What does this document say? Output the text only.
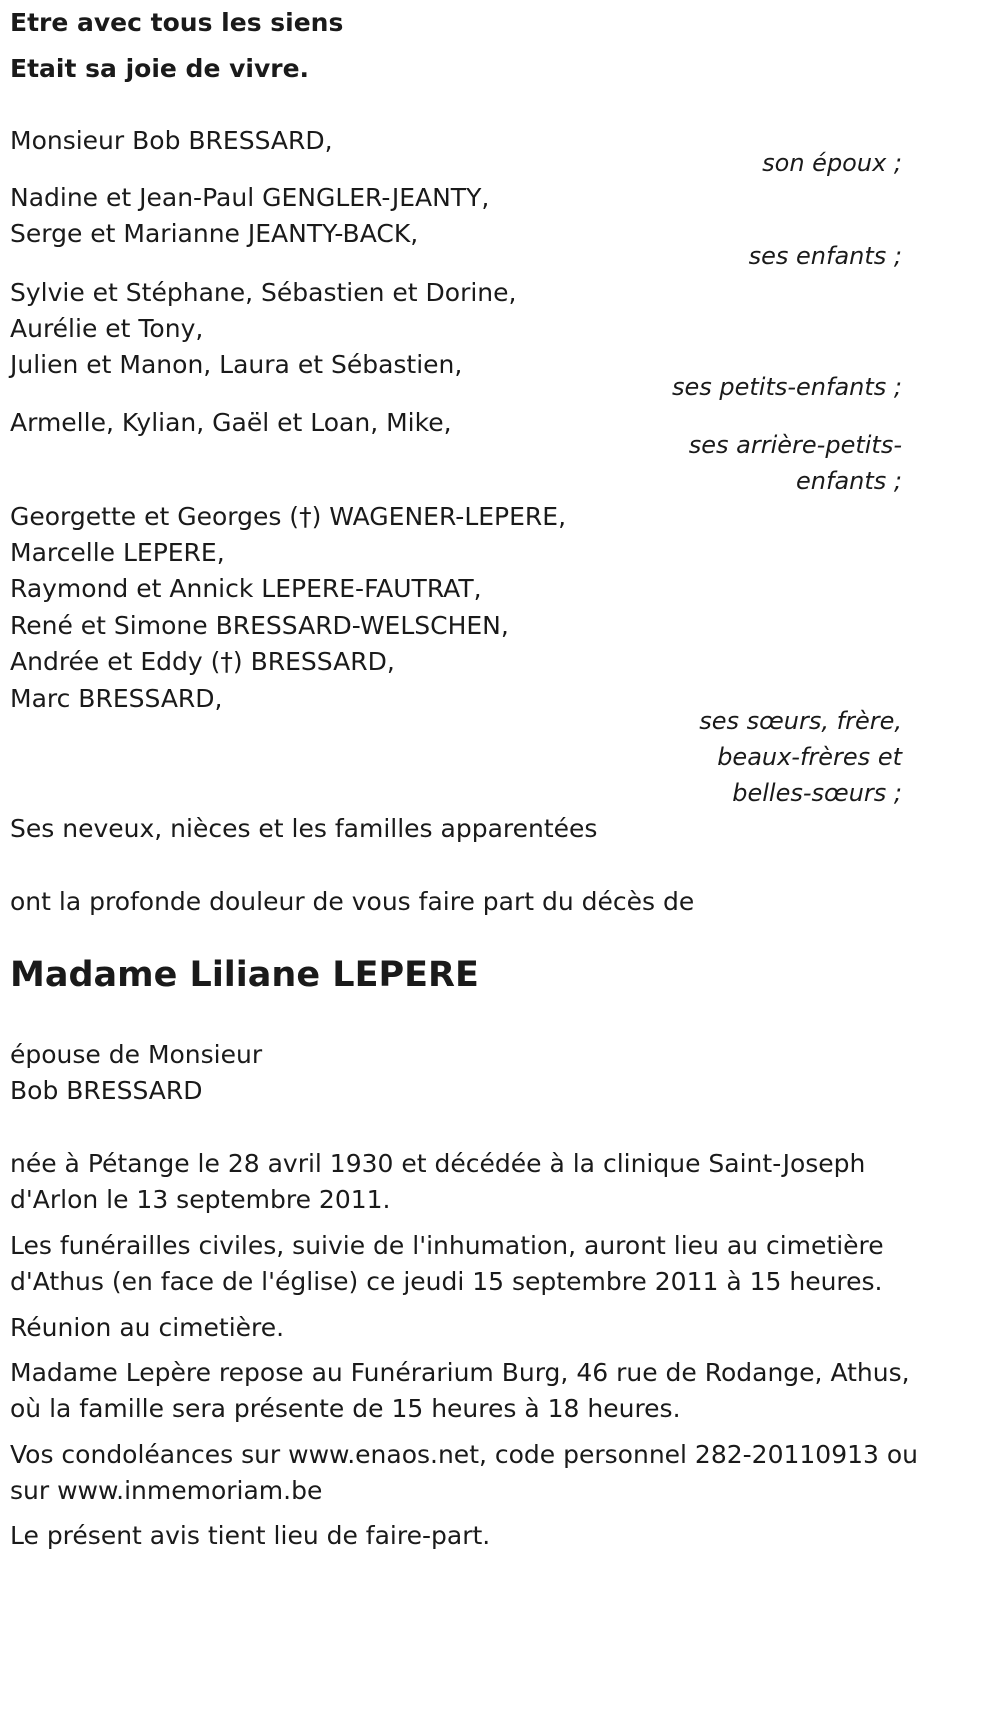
Etre avec tous les siens
Etait sa joie de vivre.
Monsieur Bob BRESSARD,
son époux ;
Nadine et Jean-Paul GENGLER-JEANTY,
Serge et Marianne JEANTY-BACK,
ses enfants ;
Sylvie et Stéphane, Sébastien et Dorine,
Aurélie et Tony,
Julien et Manon, Laura et Sébastien,
ses petits-enfants ;
Armelle, Kylian, Gaël et Loan, Mike,
ses arrière-petits-
enfants ;
Georgette et Georges (†) WAGENER-LEPERE,
Marcelle LEPERE,
Raymond et Annick LEPERE-FAUTRAT,
René et Simone BRESSARD-WELSCHEN,
Andrée et Eddy (†) BRESSARD,
Marc BRESSARD,
ses sœurs, frère,
beaux-frères et
belles-sœurs ;
Ses neveux, nièces et les familles apparentées
ont la profonde douleur de vous faire part du décès de
Madame Liliane LEPERE
épouse de Monsieur
Bob BRESSARD
née à Pétange le 28 avril 1930 et décédée à la clinique Saint-Joseph
d'Arlon le 13 septembre 2011.
Les funérailles civiles, suivie de l'inhumation, auront lieu au cimetière
d'Athus (en face de l'église) ce jeudi 15 septembre 2011 à 15 heures.
Réunion au cimetière.
Madame Lepère repose au Funérarium Burg, 46 rue de Rodange, Athus,
où la famille sera présente de 15 heures à 18 heures.
Vos condoléances sur www.enaos.net, code personnel 282-20110913 ou
sur www.inmemoriam.be
Le présent avis tient lieu de faire-part.
